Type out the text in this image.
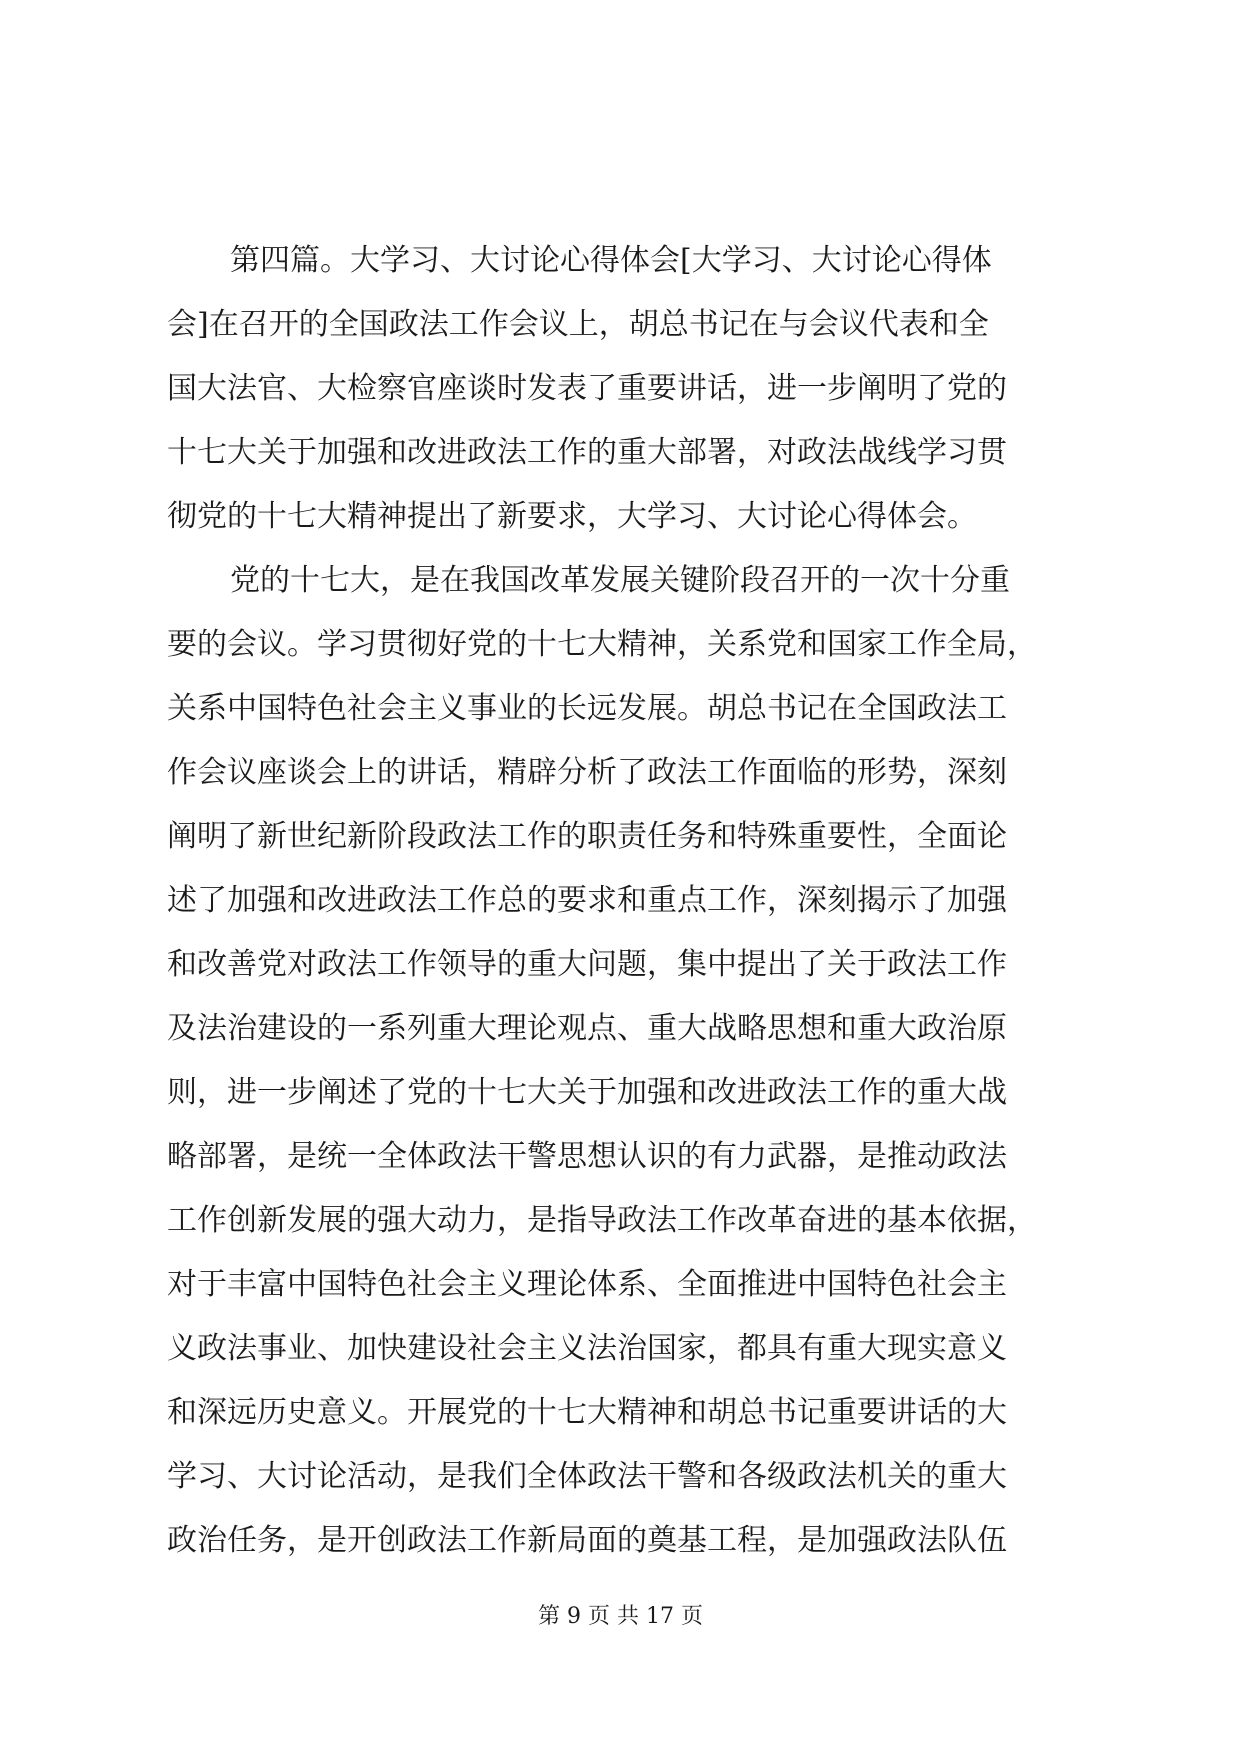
第四篇。大学习、大讨论心得体会[大学习、大讨论心得体
会]在召开的全国政法工作会议上，胡总书记在与会议代表和全
国大法官、大检察官座谈时发表了重要讲话，进一步阐明了党的
十七大关于加强和改进政法工作的重大部署，对政法战线学习贯
彻党的十七大精神提出了新要求，大学习、大讨论心得体会。
党的十七大，是在我国改革发展关键阶段召开的一次十分重
要的会议。学习贯彻好党的十七大精神，关系党和国家工作全局，
关系中国特色社会主义事业的长远发展。胡总书记在全国政法工
作会议座谈会上的讲话，精辟分析了政法工作面临的形势，深刻
阐明了新世纪新阶段政法工作的职责任务和特殊重要性，全面论
述了加强和改进政法工作总的要求和重点工作，深刻揭示了加强
和改善党对政法工作领导的重大问题，集中提出了关于政法工作
及法治建设的一系列重大理论观点、重大战略思想和重大政治原
则，进一步阐述了党的十七大关于加强和改进政法工作的重大战
略部署，是统一全体政法干警思想认识的有力武器，是推动政法
工作创新发展的强大动力，是指导政法工作改革奋进的基本依据，
对于丰富中国特色社会主义理论体系、全面推进中国特色社会主
义政法事业、加快建设社会主义法治国家，都具有重大现实意义
和深远历史意义。开展党的十七大精神和胡总书记重要讲话的大
学习、大讨论活动，是我们全体政法干警和各级政法机关的重大
政治任务，是开创政法工作新局面的奠基工程，是加强政法队伍
第 9 页 共 17 页
